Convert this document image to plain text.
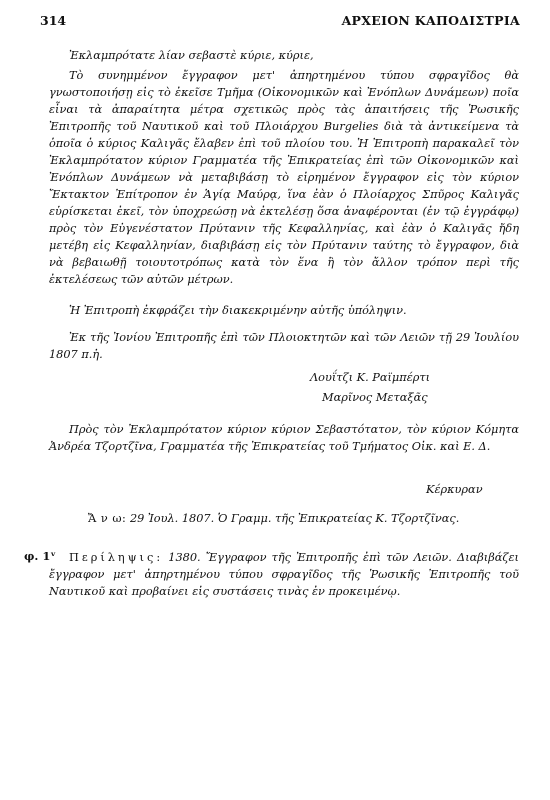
314	ΑΡΧΕΙΟΝ ΚΑΠΟΔΙΣΤΡΙΑ
Ἐκλαμπρότατε λίαν σεβαστὲ κύριε, κύριε,
Τὸ συνημμένον ἔγγραφον μετ' ἀπηρτημένου τύπου σφραγῖδος θὰ γνωστοποιήσῃ εἰς τὸ ἐκεῖσε Τμῆμα (Οἰκονομικῶν καὶ Ἐνόπλων Δυνάμεων) ποῖα εἶναι τὰ ἀπαραίτητα μέτρα σχετικῶς πρὸς τὰς ἀπαιτήσεις τῆς Ῥωσικῆς Ἐπιτροπῆς τοῦ Ναυτικοῦ καὶ τοῦ Πλοιάρχου Burgelies διὰ τὰ ἀντικείμενα τὰ ὁποῖα ὁ κύριος Καλιγᾶς ἔλαβεν ἐπὶ τοῦ πλοίου του. Ἡ Ἐπιτροπὴ παρακαλεῖ τὸν Ἐκλαμπρότατον κύριον Γραμματέα τῆς Ἐπικρατείας ἐπὶ τῶν Οἰκονομικῶν καὶ Ἐνόπλων Δυνάμεων νὰ μεταβιβάσῃ τὸ εἰρημένον ἔγγραφον εἰς τὸν κύριον Ἔκτακτον Ἐπίτροπον ἐν Ἁγίᾳ Μαύρᾳ, ἵνα ἐὰν ὁ Πλοίαρχος Σπῦρος Καλιγᾶς εὑρίσκεται ἐκεῖ, τὸν ὑποχρεώσῃ νὰ ἐκτελέσῃ ὅσα ἀναφέρονται (ἐν τῷ ἐγγράφῳ) πρὸς τὸν Εὐγενέστατον Πρύτανιν τῆς Κεφαλληνίας, καὶ ἐὰν ὁ Καλιγᾶς ἤδη μετέβη εἰς Κεφαλληνίαν, διαβιβάσῃ εἰς τὸν Πρύτανιν ταύτης τὸ ἔγγραφον, διὰ νὰ βεβαιωθῇ τοιουτοτρόπως κατὰ τὸν ἕνα ἢ τὸν ἄλλον τρόπον περὶ τῆς ἐκτελέσεως τῶν αὐτῶν μέτρων.
Ἡ Ἐπιτροπὴ ἐκφράζει τὴν διακεκριμένην αὐτῆς ὑπόληψιν.
Ἐκ τῆς Ἰονίου Ἐπιτροπῆς ἐπὶ τῶν Πλοιοκτητῶν καὶ τῶν Λειῶν τῇ 29 Ἰουλίου 1807 π.ἡ.
Λουΐτζι Κ. Ραϊμπέρτι
Μαρῖνος Μεταξᾶς
Πρὸς τὸν Ἐκλαμπρότατον κύριον κύριον Σεβαστότατον, τὸν κύριον Κόμητα Ἀνδρέα Τζορτζῖνα, Γραμματέα τῆς Ἐπικρατείας τοῦ Τμήματος Οἰκ. καὶ Ε. Δ.
Κέρκυραν
Ἄ ν ω: 29 Ἰουλ. 1807. Ὁ Γραμμ. τῆς Ἐπικρατείας Κ. Τζορτζῖνας.
φ. 1ᵛ	Περίληψις: 1380. Ἔγγραφον τῆς Ἐπιτροπῆς ἐπὶ τῶν Λειῶν. Διαβιβάζει ἔγγραφον μετ' ἀπηρτημένου τύπου σφραγῖδος τῆς Ῥωσικῆς Ἐπιτροπῆς τοῦ Ναυτικοῦ καὶ προβαίνει εἰς συστάσεις τινὰς ἐν προκειμένῳ.
